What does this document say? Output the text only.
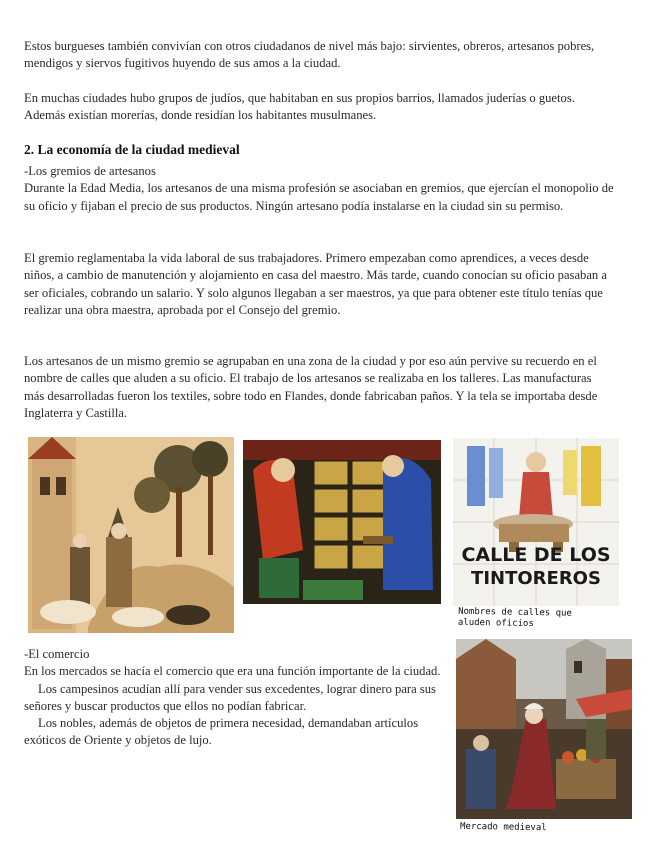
Estos burgueses también convivían con otros ciudadanos de nivel más bajo: sirvientes, obreros, artesanos pobres, mendigos y siervos fugitivos huyendo de sus amos a la ciudad.

En muchas ciudades hubo grupos de judíos, que habitaban en sus propios barrios, llamados juderías o guetos. Además existían morerías, donde residían los habitantes musulmanes.

2. La economía de la ciudad medieval

-Los gremios de artesanos

Durante la Edad Media, los artesanos de una misma profesión se asociaban en gremios, que ejercían el monopolio de su oficio y fijaban el precio de sus productos. Ningún artesano podía instalarse en la ciudad sin su permiso.

El gremio reglamentaba la vida laboral de sus trabajadores. Primero empezaban como aprendices, a veces desde niños, a cambio de manutención y alojamiento en casa del maestro. Más tarde, cuando conocían su oficio pasaban a ser oficiales, cobrando un salario. Y solo algunos llegaban a ser maestros, ya que para obtener este título tenías que realizar una obra maestra, aprobada por el Consejo del gremio.

Los artesanos de un mismo gremio se agrupaban en una zona de la ciudad y por eso aún pervive su recuerdo en el nombre de calles que aluden a su oficio. El trabajo de los artesanos se realizaba en los talleres. Las manufacturas más desarrolladas fueron los textiles, sobre todo en Flandes, donde fabricaban paños. Y la tela se importaba desde Inglaterra y Castilla.

CALLE DE LOS
TINTOREROS
Nombres de calles que aluden oficios

-El comercio

En los mercados se hacía el comercio que era una función importante de la ciudad.

Los campesinos acudían allí para vender sus excedentes, lograr dinero para sus señores y buscar productos que ellos no podían fabricar.

Los nobles, además de objetos de primera necesidad, demandaban artículos exóticos de Oriente y objetos de lujo.

Mercado medieval
